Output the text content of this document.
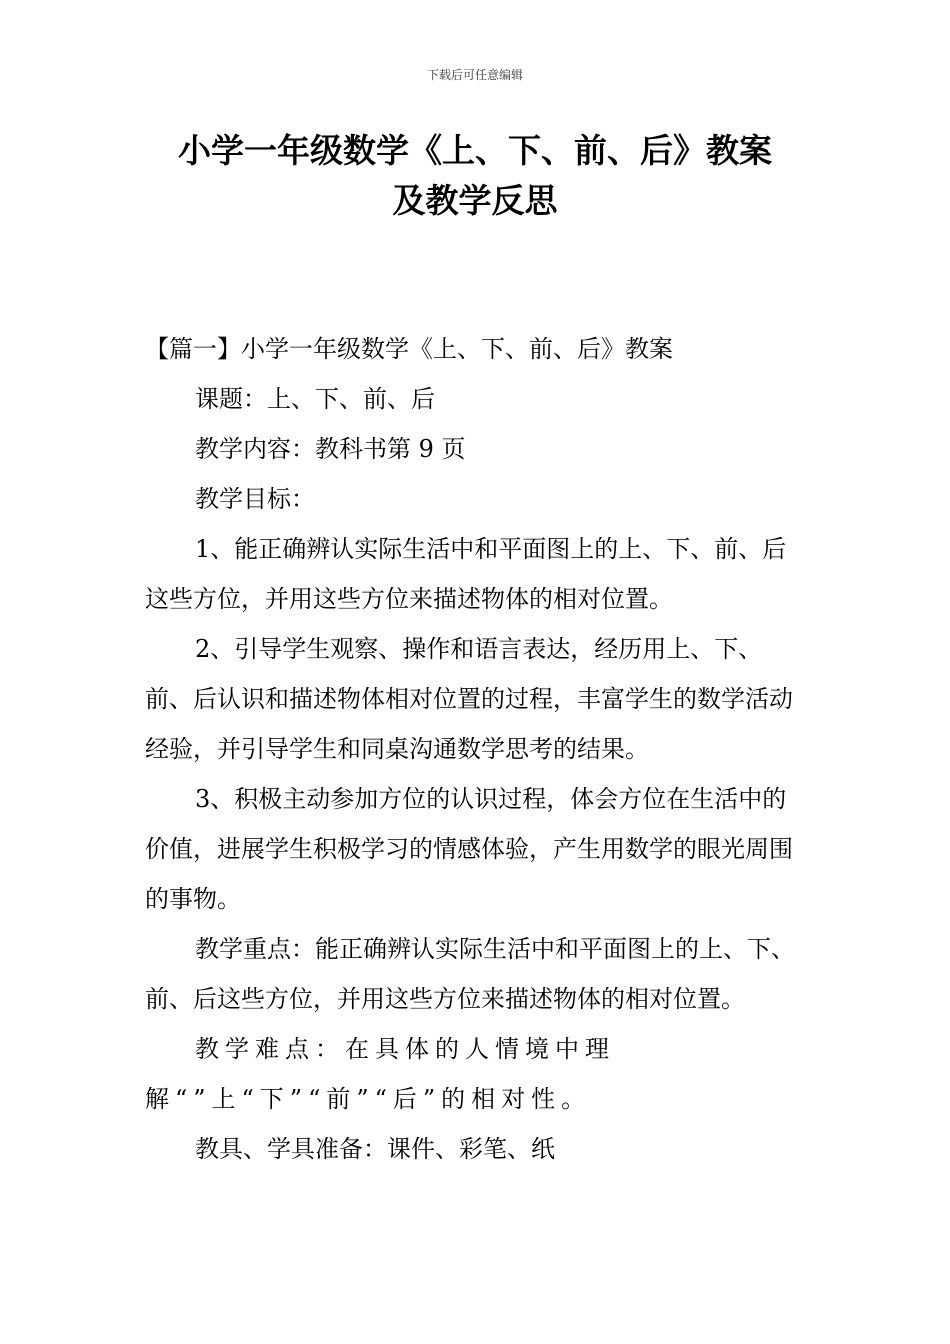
下载后可任意编辑
小学一年级数学《上、下、前、后》教案
及教学反思

【篇一】小学一年级数学《上、下、前、后》教案

课题：上、下、前、后

教学内容：教科书第 9 页

教学目标：

1、能正确辨认实际生活中和平面图上的上、下、前、后这些方位，并用这些方位来描述物体的相对位置。

2、引导学生观察、操作和语言表达，经历用上、下、前、后认识和描述物体相对位置的过程，丰富学生的数学活动经验，并引导学生和同桌沟通数学思考的结果。

3、积极主动参加方位的认识过程，体会方位在生活中的价值，进展学生积极学习的情感体验，产生用数学的眼光周围的事物。

教学重点：能正确辨认实际生活中和平面图上的上、下、前、后这些方位，并用这些方位来描述物体的相对位置。

教学难点：在具体的人情境中理解“”上“下”“前”“后”的相对性。

教具、学具准备：课件、彩笔、纸
